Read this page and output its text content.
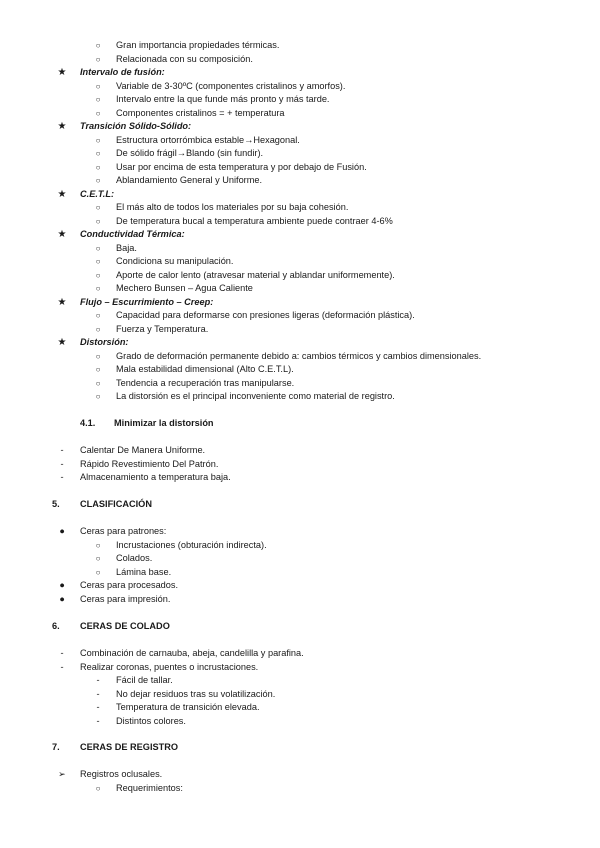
○	Gran importancia propiedades térmicas.
○	Relacionada con su composición.
★ Intervalo de fusión:
○	Variable de 3-30ºC (componentes cristalinos y amorfos).
○	Intervalo entre la que funde más pronto y más tarde.
○	Componentes cristalinos = + temperatura
★ Transición Sólido-Sólido:
○	Estructura ortorrómbica estable→Hexagonal.
○	De sólido frágil→Blando (sin fundir).
○	Usar por encima de esta temperatura y por debajo de Fusión.
○	Ablandamiento General y Uniforme.
★ C.E.T.L:
○	El más alto de todos los materiales por su baja cohesión.
○	De temperatura bucal a temperatura ambiente puede contraer 4-6%
★ Conductividad Térmica:
○	Baja.
○	Condiciona su manipulación.
○	Aporte de calor lento (atravesar material y ablandar uniformemente).
○	Mechero Bunsen – Agua Caliente
★ Flujo – Escurrimiento – Creep:
○	Capacidad para deformarse con presiones ligeras (deformación plástica).
○	Fuerza y Temperatura.
★ Distorsión:
○	Grado de deformación permanente debido a: cambios térmicos y cambios dimensionales.
○	Mala estabilidad dimensional (Alto C.E.T.L).
○	Tendencia a recuperación tras manipularse.
○	La distorsión es el principal inconveniente como material de registro.
4.1. Minimizar la distorsión
-	Calentar De Manera Uniforme.
-	Rápido Revestimiento Del Patrón.
-	Almacenamiento a temperatura baja.
5. CLASIFICACIÓN
●	Ceras para patrones:
○	Incrustaciones (obturación indirecta).
○	Colados.
○	Lámina base.
●	Ceras para procesados.
●	Ceras para impresión.
6. CERAS DE COLADO
-	Combinación de carnauba, abeja, candelilla y parafina.
-	Realizar coronas, puentes o incrustaciones.
-	Fácil de tallar.
-	No dejar residuos tras su volatilización.
-	Temperatura de transición elevada.
-	Distintos colores.
7. CERAS DE REGISTRO
➢ Registros oclusales.
○	Requerimientos:
